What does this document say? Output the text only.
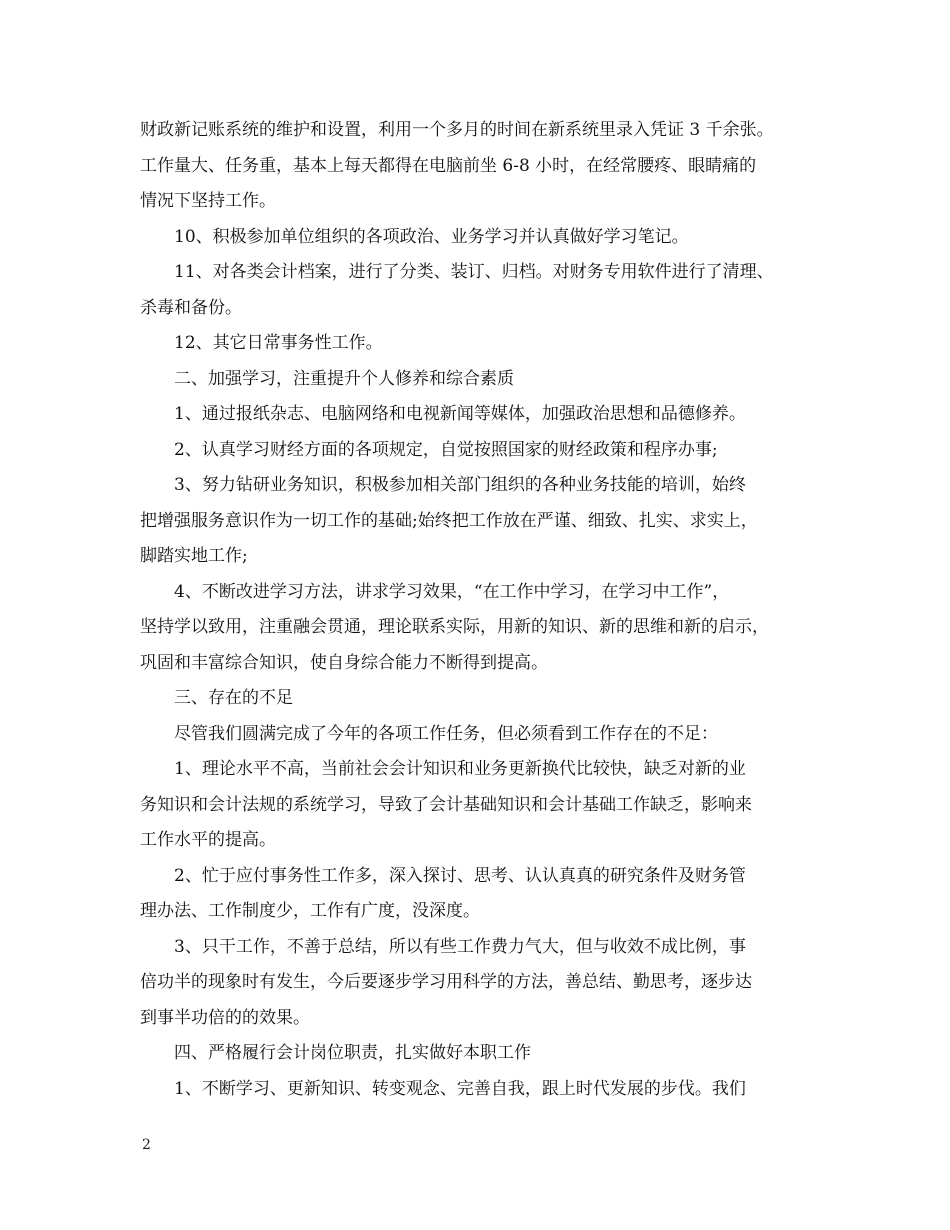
财政新记账系统的维护和设置，利用一个多月的时间在新系统里录入凭证 3 千余张。
工作量大、任务重，基本上每天都得在电脑前坐 6-8 小时，在经常腰疼、眼睛痛的
情况下坚持工作。
10、积极参加单位组织的各项政治、业务学习并认真做好学习笔记。
11、对各类会计档案，进行了分类、装订、归档。对财务专用软件进行了清理、
杀毒和备份。
12、其它日常事务性工作。
二、加强学习，注重提升个人修养和综合素质
1、通过报纸杂志、电脑网络和电视新闻等媒体，加强政治思想和品德修养。
2、认真学习财经方面的各项规定，自觉按照国家的财经政策和程序办事;
3、努力钻研业务知识，积极参加相关部门组织的各种业务技能的培训，始终
把增强服务意识作为一切工作的基础;始终把工作放在严谨、细致、扎实、求实上，
脚踏实地工作;
4、不断改进学习方法，讲求学习效果，“在工作中学习，在学习中工作”，
坚持学以致用，注重融会贯通，理论联系实际，用新的知识、新的思维和新的启示，
巩固和丰富综合知识，使自身综合能力不断得到提高。
三、存在的不足
尽管我们圆满完成了今年的各项工作任务，但必须看到工作存在的不足：
1、理论水平不高，当前社会会计知识和业务更新换代比较快，缺乏对新的业
务知识和会计法规的系统学习，导致了会计基础知识和会计基础工作缺乏，影响来
工作水平的提高。
2、忙于应付事务性工作多，深入探讨、思考、认认真真的研究条件及财务管
理办法、工作制度少，工作有广度，没深度。
3、只干工作，不善于总结，所以有些工作费力气大，但与收效不成比例，事
倍功半的现象时有发生，今后要逐步学习用科学的方法，善总结、勤思考，逐步达
到事半功倍的的效果。
四、严格履行会计岗位职责，扎实做好本职工作
1、不断学习、更新知识、转变观念、完善自我，跟上时代发展的步伐。我们
2
